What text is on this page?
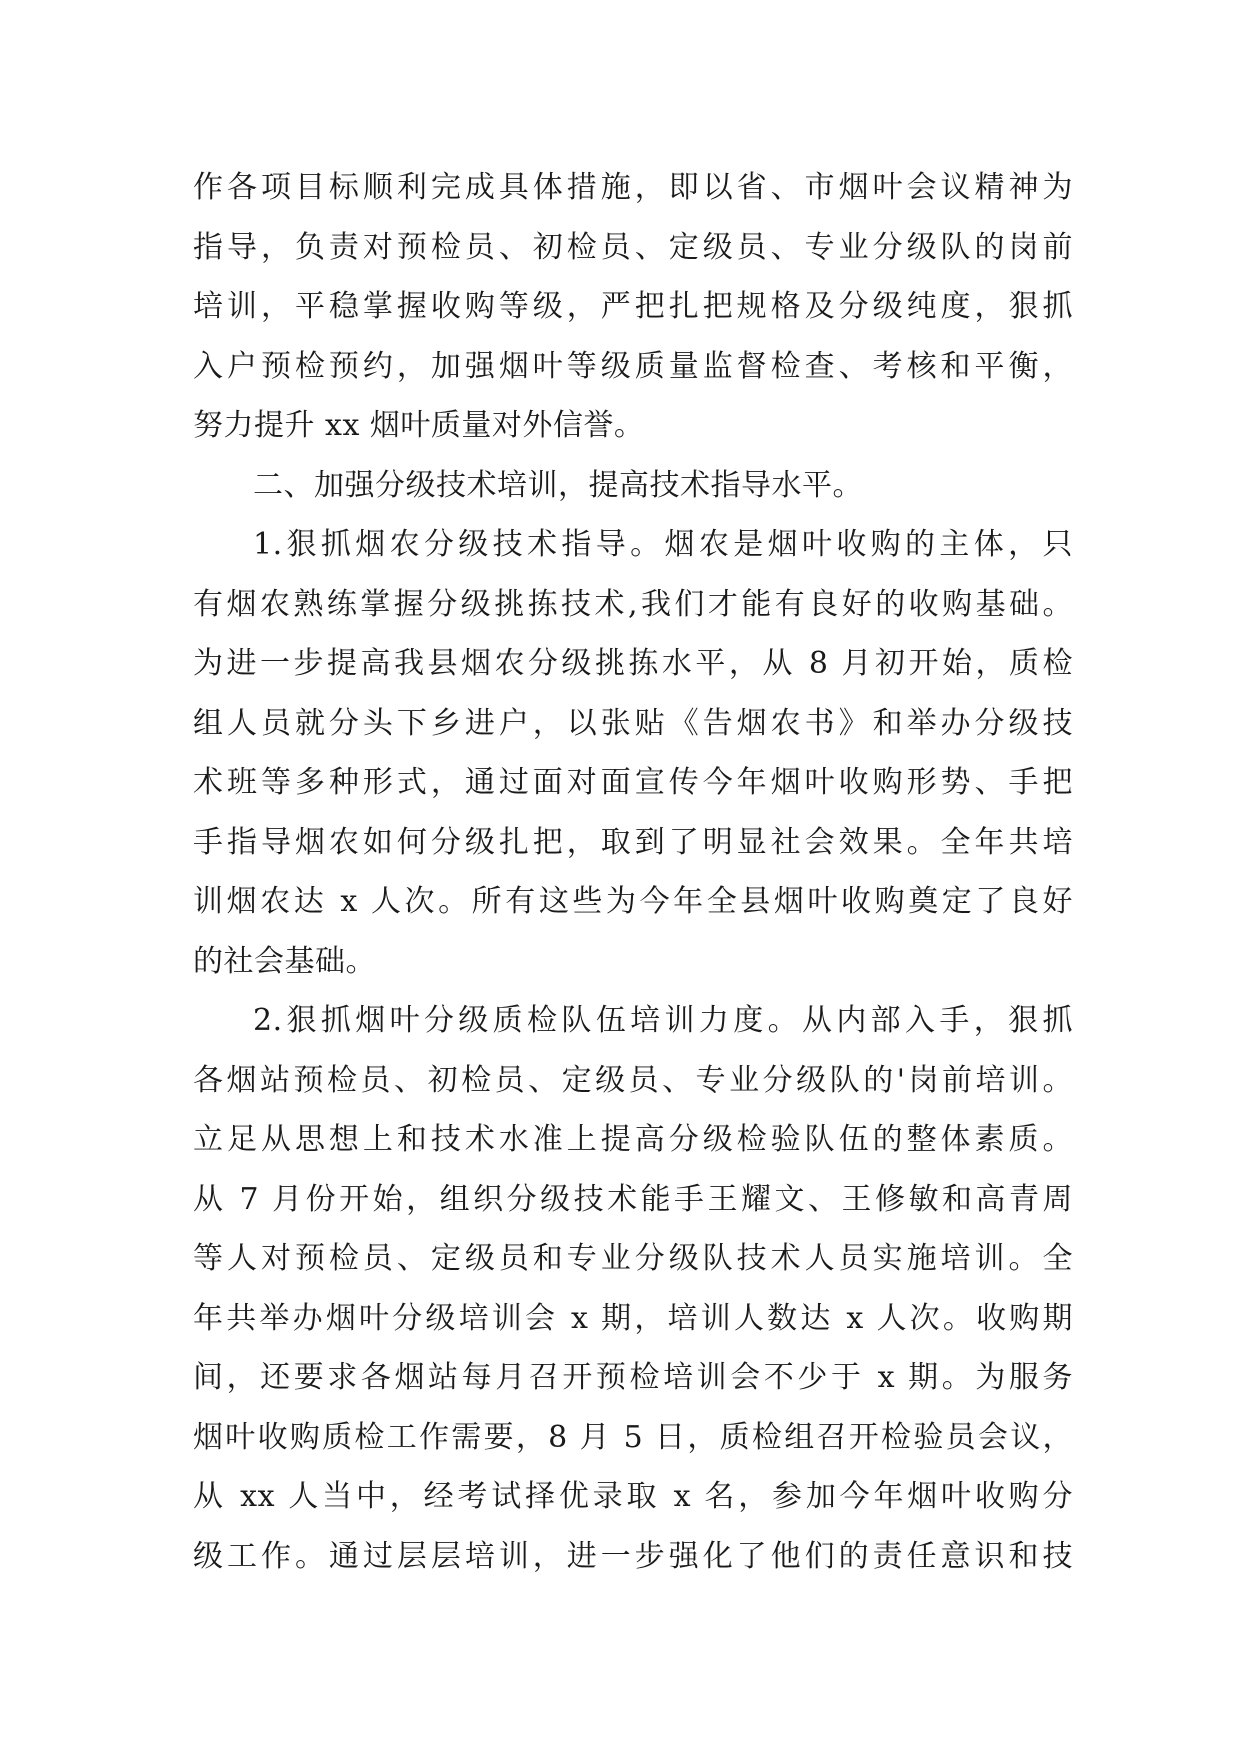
作各项目标顺利完成具体措施，即以省、市烟叶会议精神为
指导，负责对预检员、初检员、定级员、专业分级队的岗前
培训，平稳掌握收购等级，严把扎把规格及分级纯度，狠抓
入户预检预约，加强烟叶等级质量监督检查、考核和平衡，
努力提升 xx 烟叶质量对外信誉。
二、加强分级技术培训，提高技术指导水平。
1.狠抓烟农分级技术指导。烟农是烟叶收购的主体，只
有烟农熟练掌握分级挑拣技术,我们才能有良好的收购基础。
为进一步提高我县烟农分级挑拣水平，从 8 月初开始，质检
组人员就分头下乡进户，以张贴《告烟农书》和举办分级技
术班等多种形式，通过面对面宣传今年烟叶收购形势、手把
手指导烟农如何分级扎把，取到了明显社会效果。全年共培
训烟农达 x 人次。所有这些为今年全县烟叶收购奠定了良好
的社会基础。
2.狠抓烟叶分级质检队伍培训力度。从内部入手，狠抓
各烟站预检员、初检员、定级员、专业分级队的'岗前培训。
立足从思想上和技术水准上提高分级检验队伍的整体素质。
从 7 月份开始，组织分级技术能手王耀文、王修敏和高青周
等人对预检员、定级员和专业分级队技术人员实施培训。全
年共举办烟叶分级培训会 x 期，培训人数达 x 人次。收购期
间，还要求各烟站每月召开预检培训会不少于 x 期。为服务
烟叶收购质检工作需要，8 月 5 日，质检组召开检验员会议，
从 xx 人当中，经考试择优录取 x 名，参加今年烟叶收购分
级工作。通过层层培训，进一步强化了他们的责任意识和技
